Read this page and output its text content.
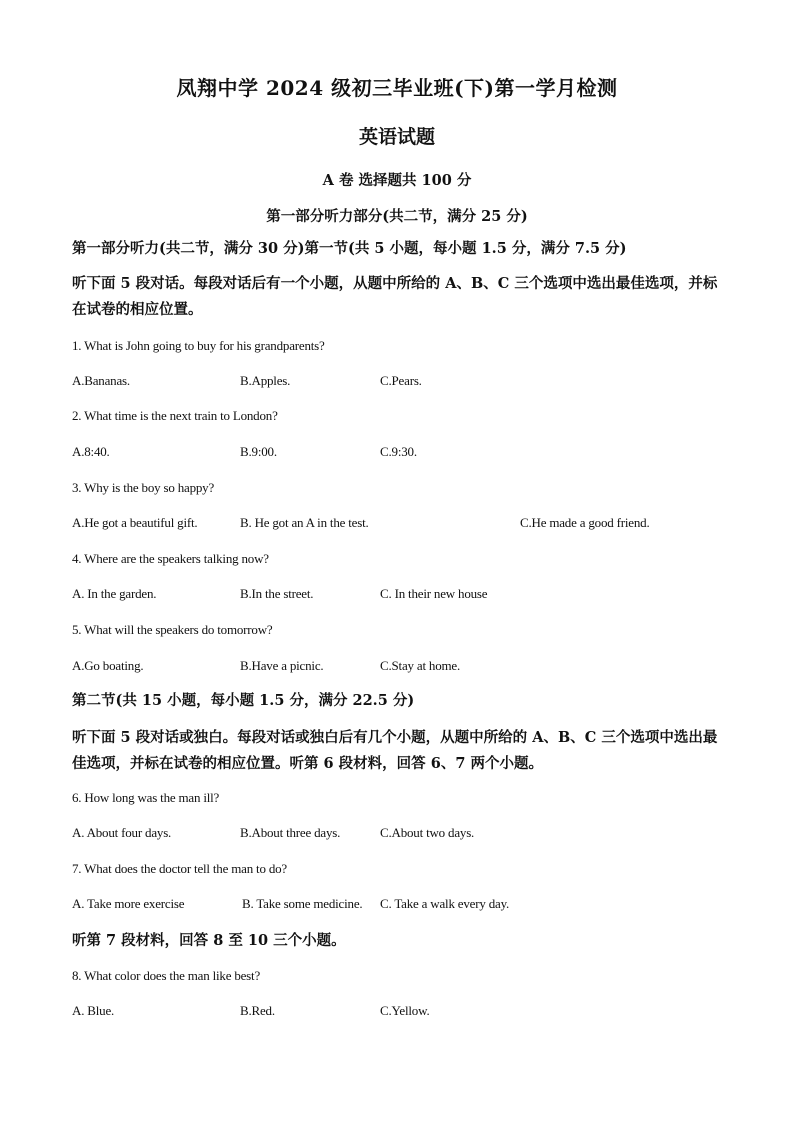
凤翔中学 2024 级初三毕业班(下)第一学月检测
英语试题
A 卷 选择题共 100 分
第一部分听力部分(共二节，满分 25 分)
第一部分听力(共二节，满分 30 分)第一节(共 5 小题，每小题 1.5 分，满分 7.5 分)
听下面 5 段对话。每段对话后有一个小题，从题中所给的 A、B、C 三个选项中选出最佳选项，并标在试卷的相应位置。
1. What is John going to buy for his grandparents?
A.Bananas.	B.Apples.	C.Pears.
2. What time is the next train to London?
A.8:40.	B.9:00.	C.9:30.
3. Why is the boy so happy?
A.He got a beautiful gift.	B. He got an A in the test.	C.He made a good friend.
4. Where are the speakers talking now?
A. In the garden.	B.In the street.	C. In their new house
5. What will the speakers do tomorrow?
A.Go boating.	B.Have a picnic.	C.Stay at home.
第二节(共 15 小题，每小题 1.5 分，满分 22.5 分)
听下面 5 段对话或独白。每段对话或独白后有几个小题，从题中所给的 A、B、C 三个选项中选出最佳选项，并标在试卷的相应位置。听第 6 段材料，回答 6、7 两个小题。
6. How long was the man ill?
A. About four days.	B.About three days.	C.About two days.
7. What does the doctor tell the man to do?
A. Take more exercise	B. Take some medicine. C. Take a walk every day.
听第 7 段材料，回答 8 至 10 三个小题。
8. What color does the man like best?
A. Blue.	B.Red.	C.Yellow.
